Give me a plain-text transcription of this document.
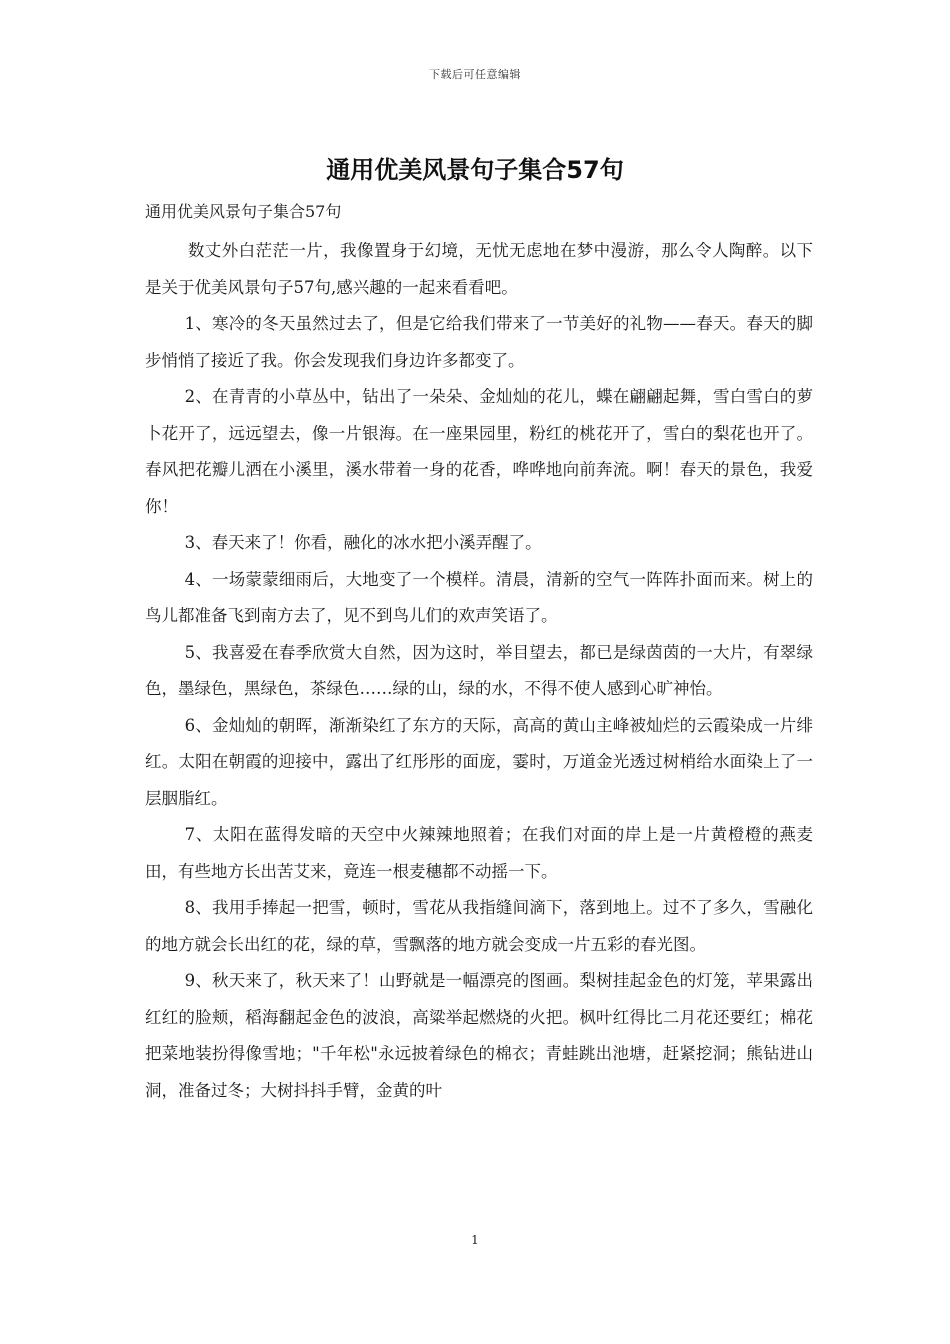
下载后可任意编辑
通用优美风景句子集合57句
通用优美风景句子集合57句

数丈外白茫茫一片，我像置身于幻境，无忧无虑地在梦中漫游，那么令人陶醉。以下是关于优美风景句子57句,感兴趣的一起来看看吧。

1、寒冷的冬天虽然过去了，但是它给我们带来了一节美好的礼物——春天。春天的脚步悄悄了接近了我。你会发现我们身边许多都变了。

2、在青青的小草丛中，钻出了一朵朵、金灿灿的花儿，蝶在翩翩起舞，雪白雪白的萝卜花开了，远远望去，像一片银海。在一座果园里，粉红的桃花开了，雪白的梨花也开了。春风把花瓣儿洒在小溪里，溪水带着一身的花香，哗哗地向前奔流。啊！春天的景色，我爱你！

3、春天来了！你看，融化的冰水把小溪弄醒了。

4、一场蒙蒙细雨后，大地变了一个模样。清晨，清新的空气一阵阵扑面而来。树上的鸟儿都准备飞到南方去了，见不到鸟儿们的欢声笑语了。

5、我喜爱在春季欣赏大自然，因为这时，举目望去，都已是绿茵茵的一大片，有翠绿色，墨绿色，黑绿色，茶绿色……绿的山，绿的水，不得不使人感到心旷神怡。

6、金灿灿的朝晖，渐渐染红了东方的天际，高高的黄山主峰被灿烂的云霞染成一片绯红。太阳在朝霞的迎接中，露出了红彤彤的面庞，霎时，万道金光透过树梢给水面染上了一层胭脂红。

7、太阳在蓝得发暗的天空中火辣辣地照着；在我们对面的岸上是一片黄橙橙的燕麦田，有些地方长出苦艾来，竟连一根麦穗都不动摇一下。

8、我用手捧起一把雪，顿时，雪花从我指缝间滴下，落到地上。过不了多久，雪融化的地方就会长出红的花，绿的草，雪飘落的地方就会变成一片五彩的春光图。

9、秋天来了，秋天来了！山野就是一幅漂亮的图画。梨树挂起金色的灯笼，苹果露出红红的脸颊，稻海翻起金色的波浪，高粱举起燃烧的火把。枫叶红得比二月花还要红；棉花把菜地装扮得像雪地；"千年松"永远披着绿色的棉衣；青蛙跳出池塘，赶紧挖洞；熊钻进山洞，准备过冬；大树抖抖手臂，金黄的叶

1
